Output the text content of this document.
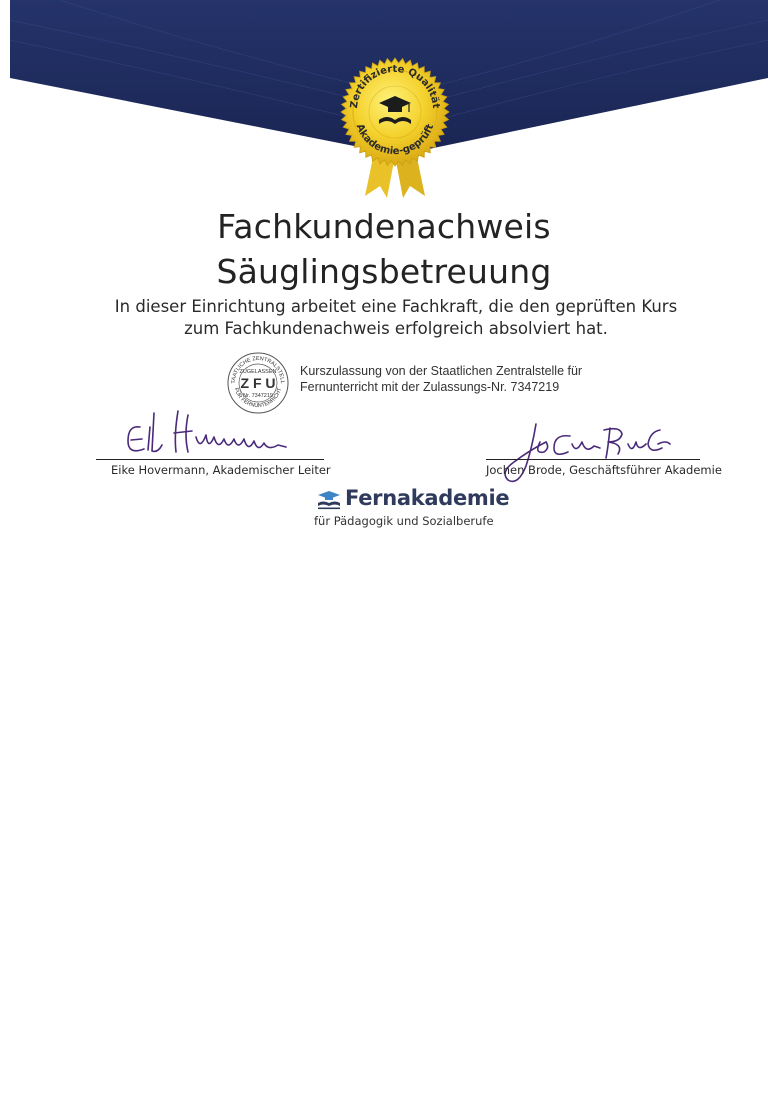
Zertifizierte Qualität
Akademie-geprüft
Fachkundenachweis
Säuglingsbetreuung
In dieser Einrichtung arbeitet eine Fachkraft, die den geprüften Kurs
zum Fachkundenachweis erfolgreich absolviert hat.
TAATLICHE ZENTRALSTELL
FÜR FERNUNTERRICHT
ZUGELASSEN
Z F U
Nr. 7347219
Kurszulassung von der Staatlichen Zentralstelle für
Fernunterricht mit der Zulassungs-Nr. 7347219
Eike Hovermann, Akademischer Leiter	Jochen Brode, Geschäftsführer Akademie
Fernakademie
für Pädagogik und Sozialberufe
